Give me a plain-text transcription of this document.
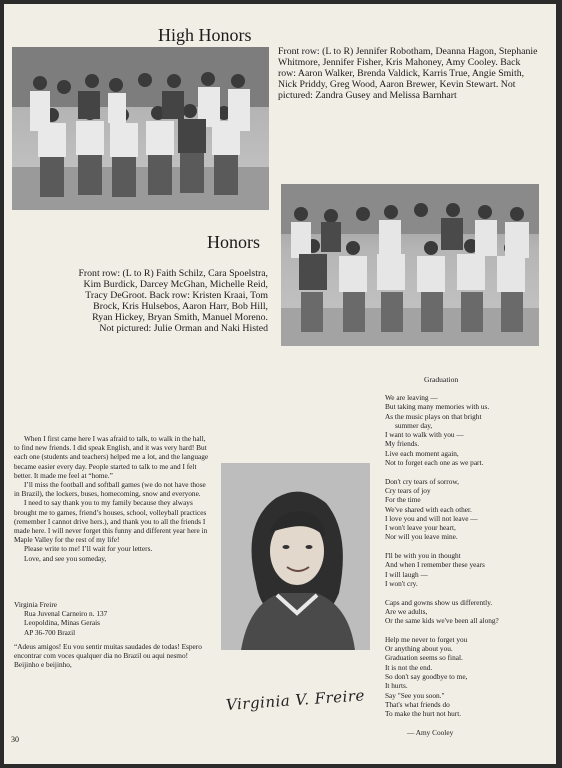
High Honors

Front row: (L to R) Jennifer Robotham, Deanna Hagon, Stephanie Whitmore, Jennifer Fisher, Kris Mahoney, Amy Cooley. Back row: Aaron Walker, Brenda Valdick, Karris True, Angie Smith, Nick Priddy, Greg Wood, Aaron Brewer, Kevin Stewart. Not pictured: Zandra Gusey and Melissa Barnhart

Honors

Front row: (L to R) Faith Schilz, Cara Spoelstra, Kim Burdick, Darcey McGhan, Michelle Reid, Tracy DeGroot. Back row: Kristen Kraai, Tom Brock, Kris Hulsebos, Aaron Harr, Bob Hill, Ryan Hickey, Bryan Smith, Manuel Moreno. Not pictured: Julie Orman and Naki Histed

When I first came here I was afraid to talk, to walk in the hall, to find new friends. I did speak English, and it was very hard! But each one (students and teachers) helped me a lot, and the language became easier every day. People started to talk to me and I felt better. It made me feel at “home.”

I’ll miss the football and softball games (we do not have those in Brazil), the lockers, buses, homecoming, snow and everyone.

I need to say thank you to my family because they always brought me to games, friend’s houses, school, volleyball practices (remember I cannot drive hers.), and thank you to all the friends I made here. I will never forget this funny and different year here in Maple Valley for the rest of my life!

Please write to me! I’ll wait for your letters.

Love, and see you someday,

Virginia Freire
Rua Juvenal Carneiro n. 137
Leopoldina, Minas Gerais
AP 36-700 Brazil

“Adeus amigos! Eu vou sentir muitas saudades de todas! Espero encontrar com voces qualquer dia no Brazil ou aqui nesmo! Beijinho e beijinho,

Virginia V. Freire
Graduation
We are leaving —
But taking many memories with us.
As the music plays on that bright
summer day,
I want to walk with you —
My friends.
Live each moment again,
Not to forget each one as we part.
Don't cry tears of sorrow,
Cry tears of joy
For the time
We've shared with each other.
I love you and will not leave —
I won't leave your heart,
Nor will you leave mine.
I'll be with you in thought
And when I remember these years
I will laugh —
I won't cry.
Caps and gowns show us differently.
Are we adults,
Or the same kids we've been all along?
Help me never to forget you
Or anything about you.
Graduation seems so final.
It is not the end.
So don't say goodbye to me,
It hurts.
Say "See you soon."
That's what friends do
To make the hurt not hurt.
— Amy Cooley
30
